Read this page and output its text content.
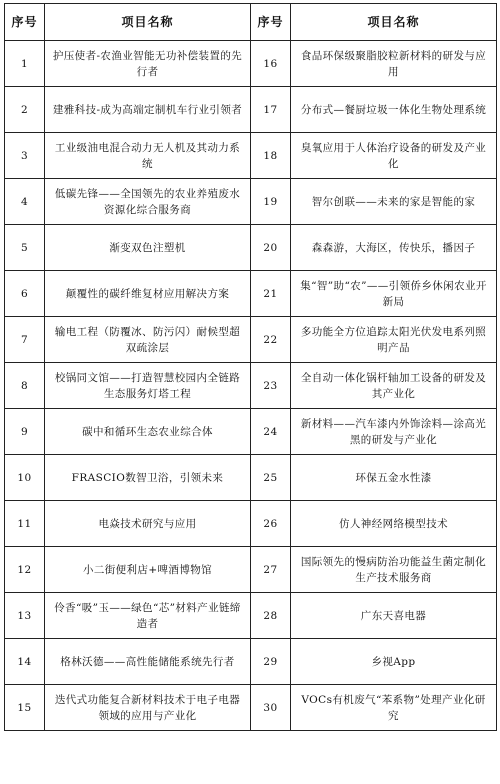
序号	项目名称	序号	项目名称
1	护压使者-农渔业智能无功补偿装置的先行者	16	食品环保级聚脂胶粒新材料的研发与应用
2	建雅科技-成为高端定制机车行业引领者	17	分布式—餐厨垃圾一体化生物处理系统
3	工业级油电混合动力无人机及其动力系统	18	臭氧应用于人体治疗设备的研发及产业化
4	低碳先锋——全国领先的农业养殖废水资源化综合服务商	19	智尔创联——未来的家是智能的家
5	渐变双色注塑机	20	森森游，大海区，传快乐，播因子
6	颠覆性的碳纤维复材应用解决方案	21	集“智”助“农”——引领侨乡休闲农业开新局
7	输电工程（防覆冰、防污闪）耐候型超双疏涂层	22	多功能全方位追踪太阳光伏发电系列照明产品
8	校锅同文馆——打造智慧校园内全链路生态服务灯塔工程	23	全自动一体化锅杆轴加工设备的研发及其产业化
9	碳中和循环生态农业综合体	24	新材料——汽车漆内外饰涂料—涂高光黑的研发与产业化
10	FRASCIO数智卫浴，引领未来	25	环保五金水性漆
11	电焱技术研究与应用	26	仿人神经网络模型技术
12	小二街便利店+啤酒博物馆	27	国际领先的慢病防治功能益生菌定制化生产技术服务商
13	伶香“吸”玉——绿色“芯”材料产业链缔造者	28	广东天喜电器
14	格林沃德——高性能储能系统先行者	29	乡视App
15	迭代式功能复合新材料技术于电子电器领域的应用与产业化	30	VOCs有机废气“苯系物”处理产业化研究
